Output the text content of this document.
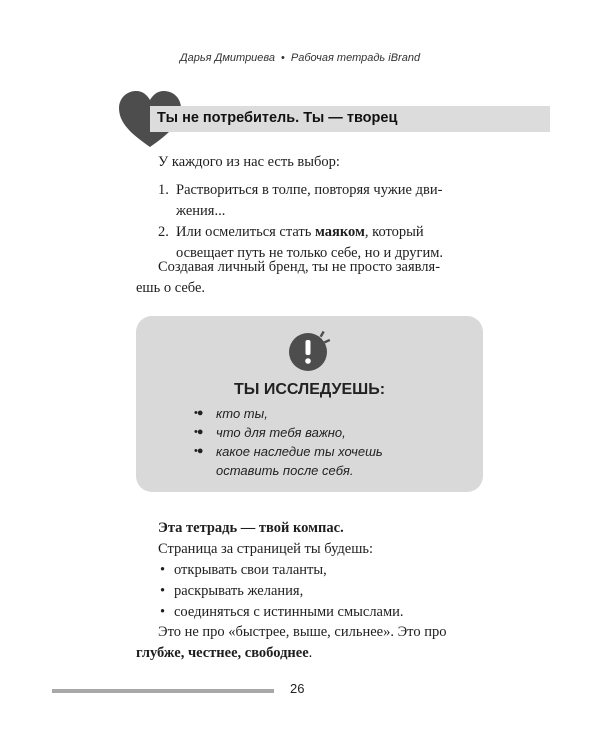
Дарья Дмитриева • Рабочая тетрадь iBrand
Ты не потребитель. Ты — творец
У каждого из нас есть выбор:
1. Раствориться в толпе, повторяя чужие дви-
жения...
2. Или осмелиться стать маяком, который
освещает путь не только себе, но и другим.
Создавая личный бренд, ты не просто заявля-
ешь о себе.
ТЫ ИССЛЕДУЕШЬ:
•● кто ты,
•● что для тебя важно,
•● какое наследие ты хочешь оставить после себя.
Эта тетрадь — твой компас.
Страница за страницей ты будешь:
• открывать свои таланты,
• раскрывать желания,
• соединяться с истинными смыслами.
Это не про «быстрее, выше, сильнее». Это про
глубже, честнее, свободнее.
26
